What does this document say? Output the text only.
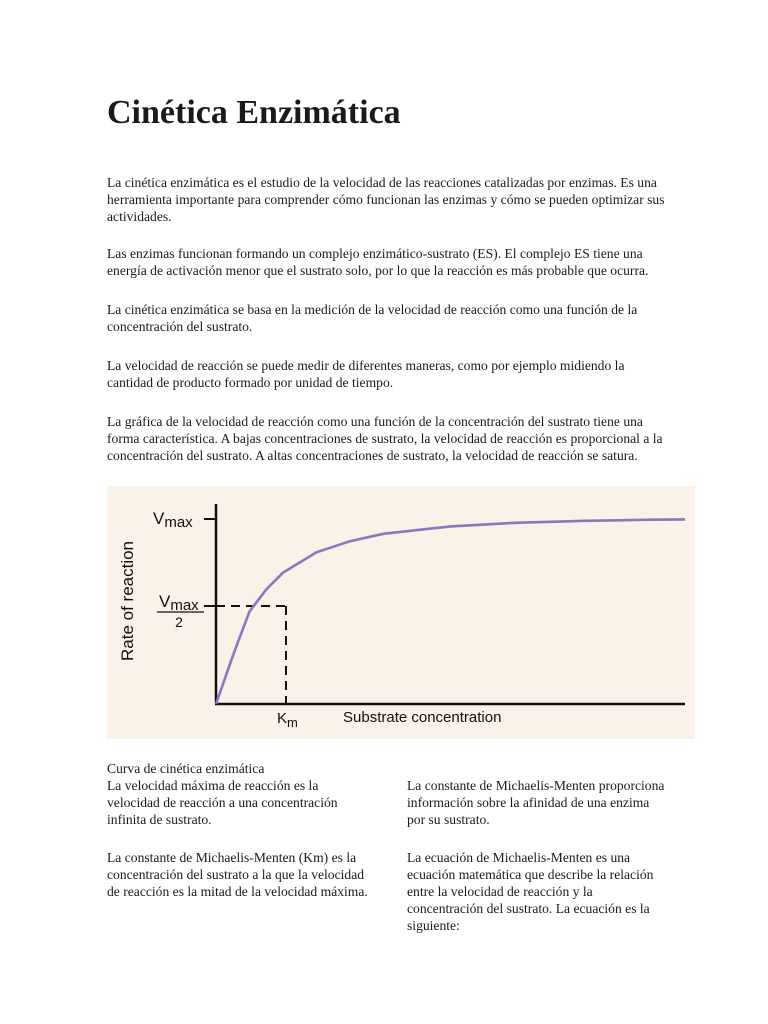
Cinética Enzimática

La cinética enzimática es el estudio de la velocidad de las reacciones catalizadas por enzimas. Es una herramienta importante para comprender cómo funcionan las enzimas y cómo se pueden optimizar sus actividades.

Las enzimas funcionan formando un complejo enzimático-sustrato (ES). El complejo ES tiene una energía de activación menor que el sustrato solo, por lo que la reacción es más probable que ocurra.

La cinética enzimática se basa en la medición de la velocidad de reacción como una función de la concentración del sustrato.

La velocidad de reacción se puede medir de diferentes maneras, como por ejemplo midiendo la cantidad de producto formado por unidad de tiempo.

La gráfica de la velocidad de reacción como una función de la concentración del sustrato tiene una forma característica. A bajas concentraciones de sustrato, la velocidad de reacción es proporcional a la concentración del sustrato. A altas concentraciones de sustrato, la velocidad de reacción se satura.

Rate of reaction
Vmax
Vmax
2
Km	Substrate concentration

Curva de cinética enzimática

La velocidad máxima de reacción es la velocidad de reacción a una concentración infinita de sustrato.

La constante de Michaelis-Menten proporciona información sobre la afinidad de una enzima por su sustrato.

La constante de Michaelis-Menten (Km) es la concentración del sustrato a la que la velocidad de reacción es la mitad de la velocidad máxima.

La ecuación de Michaelis-Menten es una ecuación matemática que describe la relación entre la velocidad de reacción y la concentración del sustrato. La ecuación es la siguiente:
